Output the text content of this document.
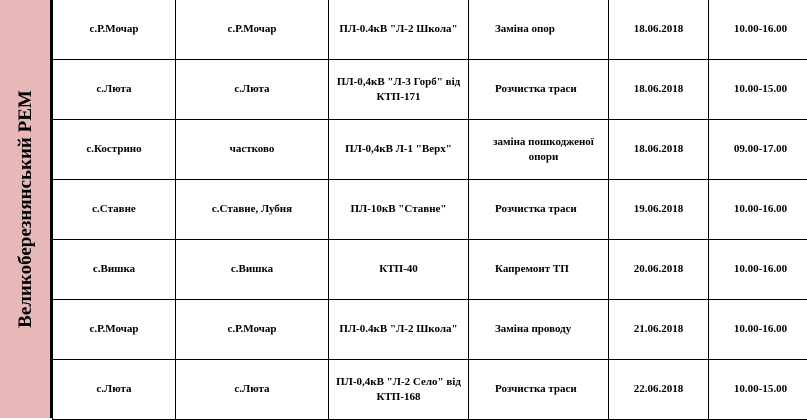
Великоберезнянський РЕМ
с.Р.Мочар	с.Р.Мочар	ПЛ-0.4кВ "Л-2 Школа"	Заміна опор	18.06.2018	10.00-16.00
с.Люта	с.Люта	ПЛ-0,4кВ "Л-3 Горб" від КТП-171	Розчистка траси	18.06.2018	10.00-15.00
с.Кострино	частково	ПЛ-0,4кВ Л-1 "Верх"	заміна пошкодженої опори	18.06.2018	09.00-17.00
с.Ставне	с.Ставне, Лубня	ПЛ-10кВ "Ставне"	Розчистка траси	19.06.2018	10.00-16.00
с.Вишка	с.Вишка	КТП-40	Капремонт ТП	20.06.2018	10.00-16.00
с.Р.Мочар	с.Р.Мочар	ПЛ-0.4кВ "Л-2 Школа"	Заміна проводу	21.06.2018	10.00-16.00
с.Люта	с.Люта	ПЛ-0,4кВ "Л-2 Село" від КТП-168	Розчистка траси	22.06.2018	10.00-15.00
